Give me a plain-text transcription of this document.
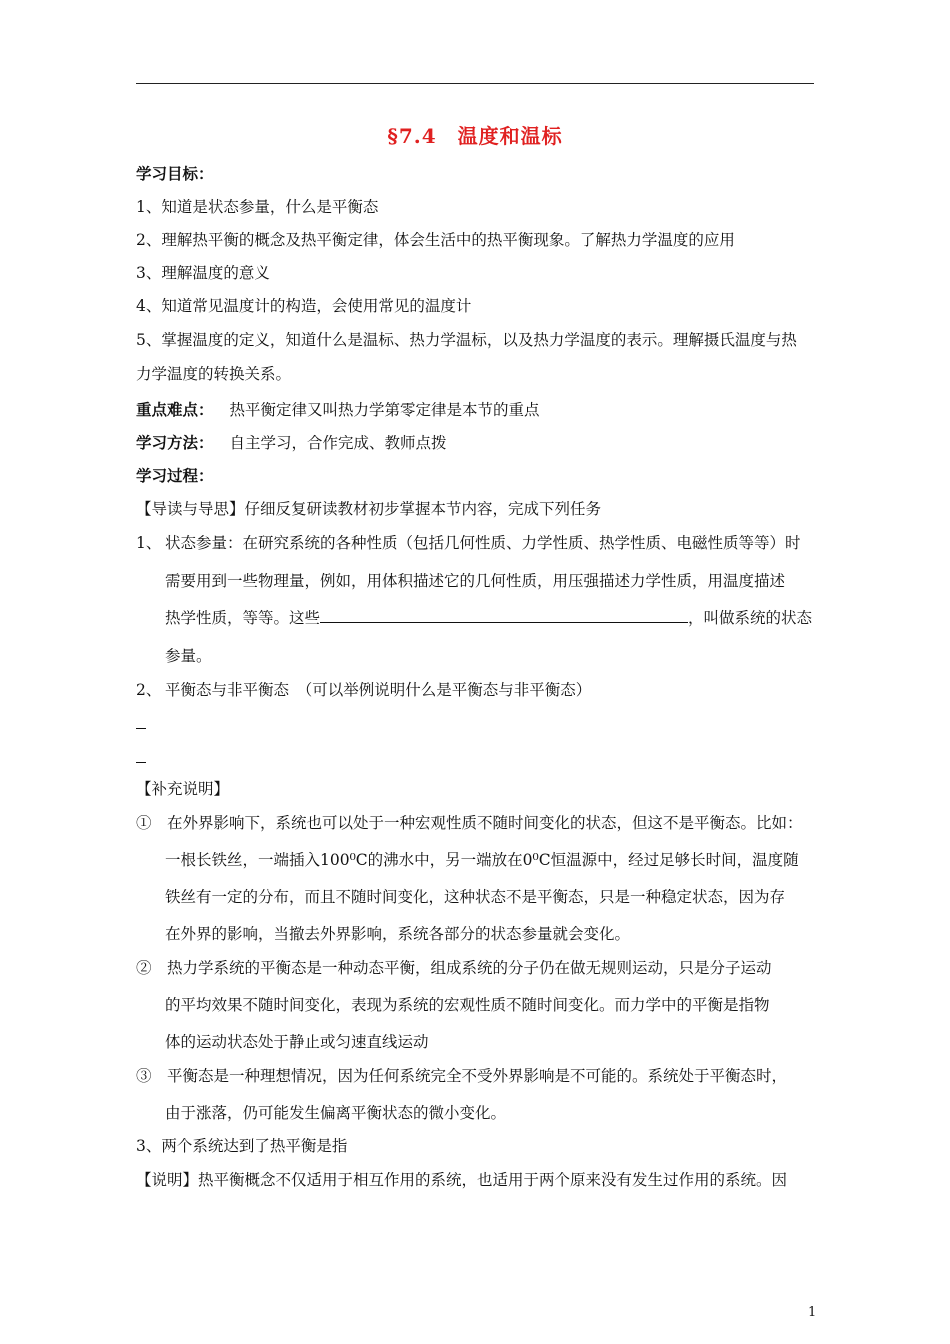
§7.4　温度和温标
学习目标：
1、知道是状态参量，什么是平衡态
2、理解热平衡的概念及热平衡定律，体会生活中的热平衡现象。了解热力学温度的应用
3、理解温度的意义
4、知道常见温度计的构造，会使用常见的温度计
5、掌握温度的定义，知道什么是温标、热力学温标，以及热力学温度的表示。理解摄氏温度与热
力学温度的转换关系。
重点难点： 热平衡定律又叫热力学第零定律是本节的重点
学习方法： 自主学习，合作完成、教师点拨
学习过程：
【导读与导思】仔细反复研读教材初步掌握本节内容，完成下列任务
1、 状态参量：在研究系统的各种性质（包括几何性质、力学性质、热学性质、电磁性质等等）时
需要用到一些物理量，例如，用体积描述它的几何性质，用压强描述力学性质，用温度描述
热学性质，等等。这些	，叫做系统的状态
参量。
2、 平衡态与非平衡态　（可以举例说明什么是平衡态与非平衡态）
【补充说明】
①　在外界影响下，系统也可以处于一种宏观性质不随时间变化的状态，但这不是平衡态。比如：
一根长铁丝，一端插入100⁰C的沸水中，另一端放在0⁰C恒温源中，经过足够长时间，温度随
铁丝有一定的分布，而且不随时间变化，这种状态不是平衡态，只是一种稳定状态，因为存
在外界的影响，当撤去外界影响，系统各部分的状态参量就会变化。
②　热力学系统的平衡态是一种动态平衡，组成系统的分子仍在做无规则运动，只是分子运动
的平均效果不随时间变化，表现为系统的宏观性质不随时间变化。而力学中的平衡是指物
体的运动状态处于静止或匀速直线运动
③　平衡态是一种理想情况，因为任何系统完全不受外界影响是不可能的。系统处于平衡态时，
由于涨落，仍可能发生偏离平衡状态的微小变化。
3、两个系统达到了热平衡是指
【说明】热平衡概念不仅适用于相互作用的系统，也适用于两个原来没有发生过作用的系统。因
1
